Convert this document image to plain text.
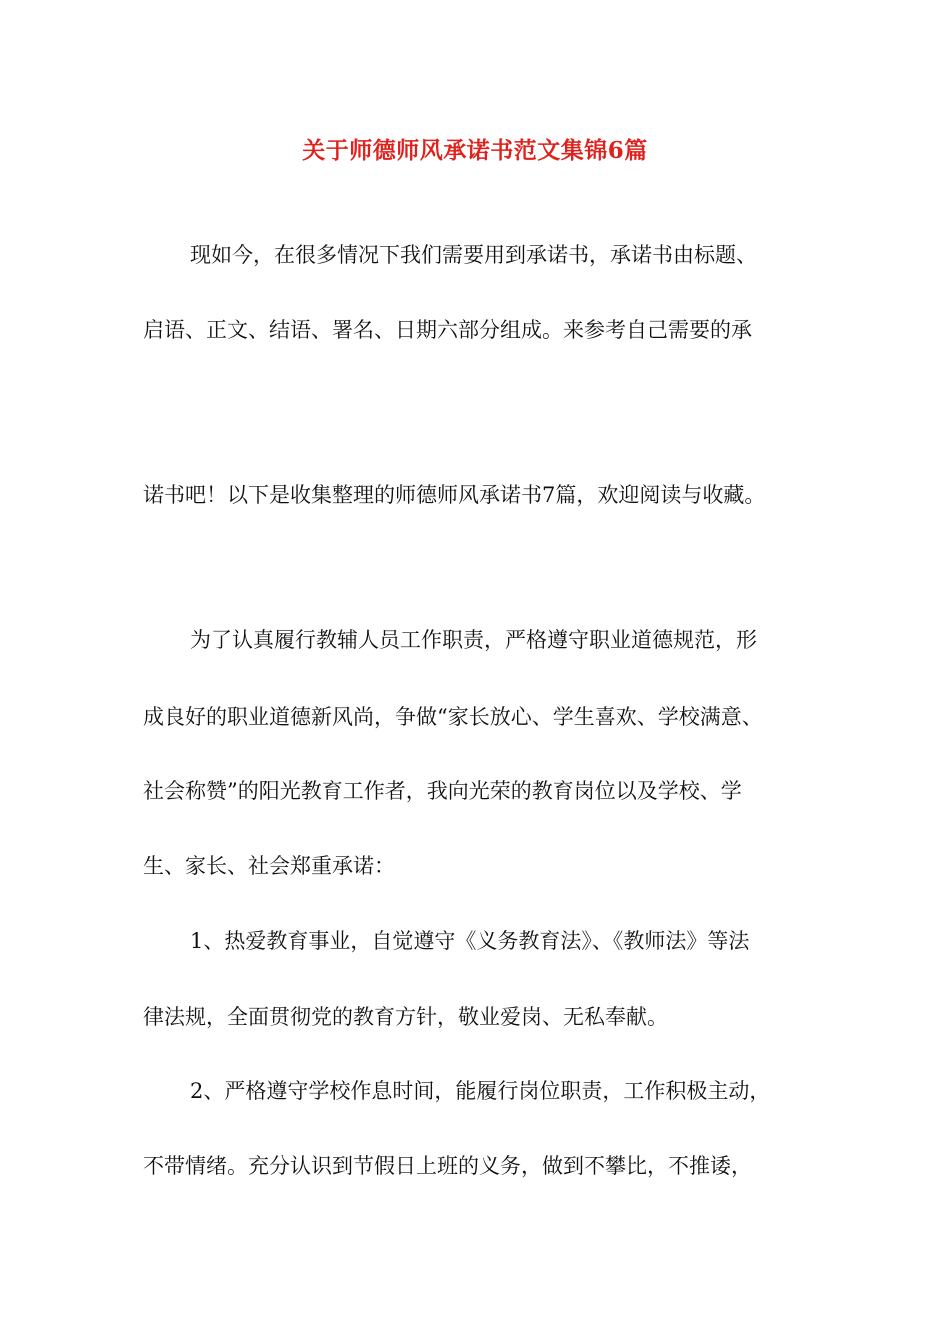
关于师德师风承诺书范文集锦6篇
现如今，在很多情况下我们需要用到承诺书，承诺书由标题、
启语、正文、结语、署名、日期六部分组成。来参考自己需要的承
诺书吧！以下是收集整理的师德师风承诺书7篇，欢迎阅读与收藏。
为了认真履行教辅人员工作职责，严格遵守职业道德规范，形
成良好的职业道德新风尚，争做“家长放心、学生喜欢、学校满意、
社会称赞”的阳光教育工作者，我向光荣的教育岗位以及学校、学
生、家长、社会郑重承诺：
1、热爱教育事业，自觉遵守《义务教育法》、《教师法》等法
律法规，全面贯彻党的教育方针，敬业爱岗、无私奉献。
2、严格遵守学校作息时间，能履行岗位职责，工作积极主动，
不带情绪。充分认识到节假日上班的义务，做到不攀比，不推诿，
